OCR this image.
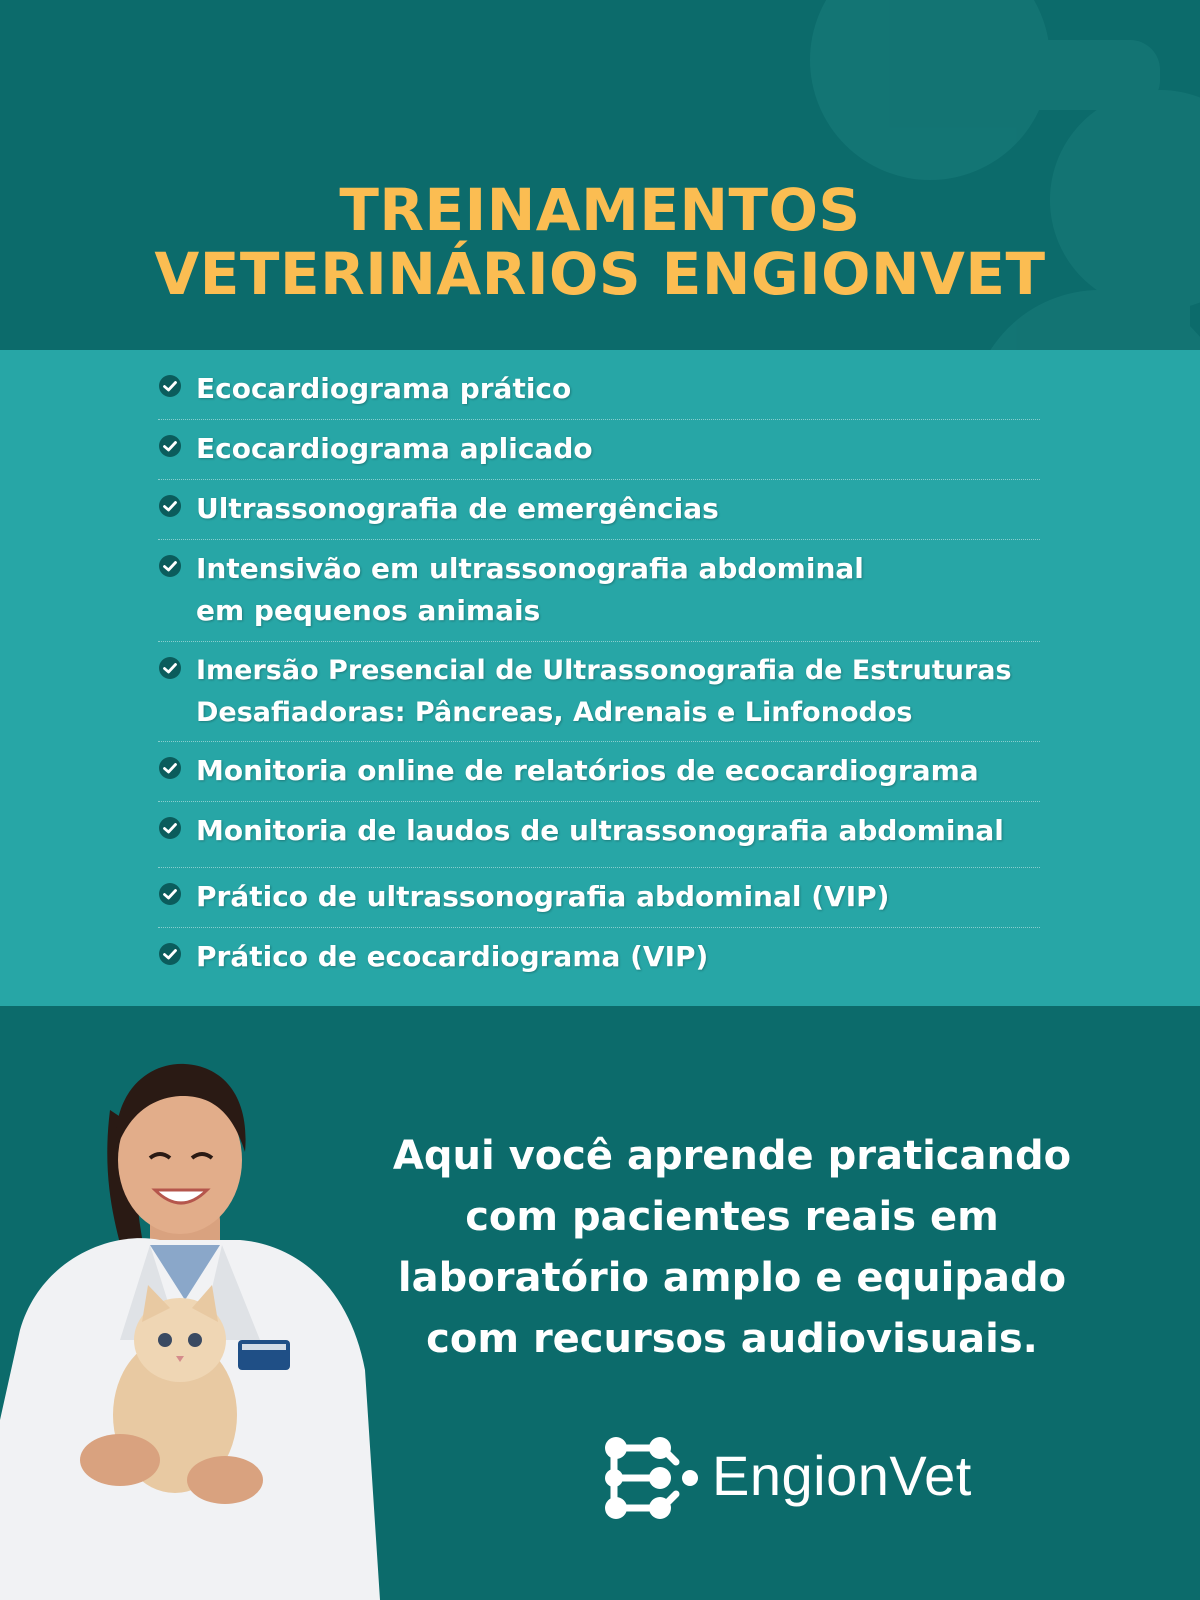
TREINAMENTOS
VETERINÁRIOS ENGIONVET
Ecocardiograma prático
Ecocardiograma aplicado
Ultrassonografia de emergências
Intensivão em ultrassonografia abdominal
em pequenos animais
Imersão Presencial de Ultrassonografia de Estruturas
Desafiadoras: Pâncreas, Adrenais e Linfonodos
Monitoria online de relatórios de ecocardiograma
Monitoria de laudos de ultrassonografia abdominal
Prático de ultrassonografia abdominal (VIP)
Prático de ecocardiograma (VIP)

Aqui você aprende praticando
com pacientes reais em
laboratório amplo e equipado
com recursos audiovisuais.

EngionVet
